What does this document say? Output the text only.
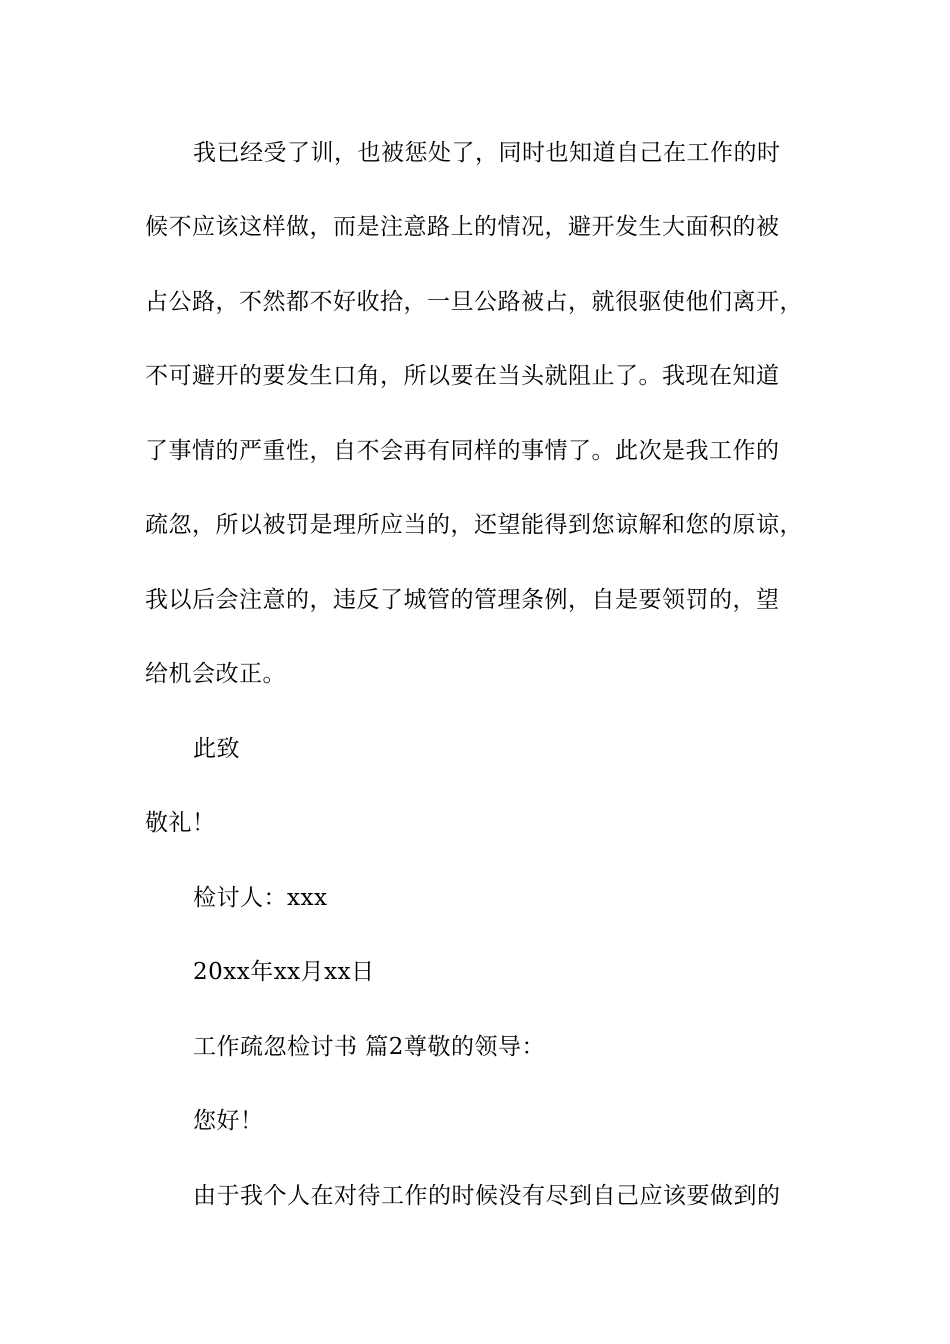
我已经受了训，也被惩处了，同时也知道自己在工作的时
候不应该这样做，而是注意路上的情况，避开发生大面积的被
占公路，不然都不好收拾，一旦公路被占，就很驱使他们离开，
不可避开的要发生口角，所以要在当头就阻止了。我现在知道
了事情的严重性，自不会再有同样的事情了。此次是我工作的
疏忽，所以被罚是理所应当的，还望能得到您谅解和您的原谅，
我以后会注意的，违反了城管的管理条例，自是要领罚的，望
给机会改正。
此致
敬礼！
检讨人：xxx
20xx年xx月xx日
工作疏忽检讨书 篇2尊敬的领导：
您好！
由于我个人在对待工作的时候没有尽到自己应该要做到的
